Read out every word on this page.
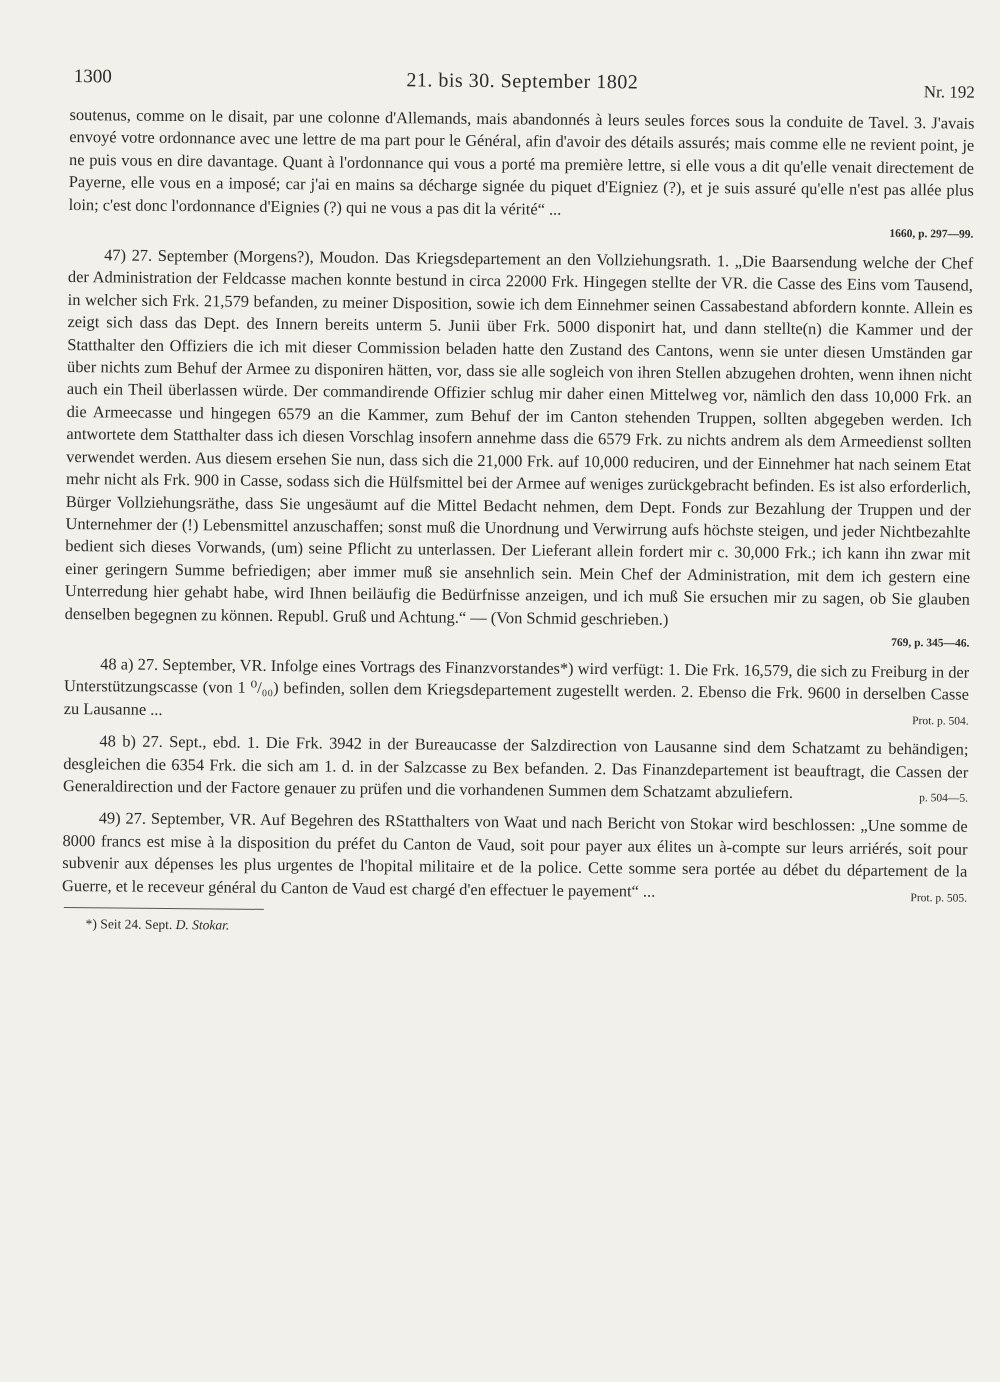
1300	21. bis 30. September 1802	Nr. 192

soutenus, comme on le disait, par une colonne d'Allemands, mais abandonnés à leurs seules forces sous la conduite de Tavel. 3. J'avais envoyé votre ordonnance avec une lettre de ma part pour le Général, afin d'avoir des détails assurés; mais comme elle ne revient point, je ne puis vous en dire davantage. Quant à l'ordonnance qui vous a porté ma première lettre, si elle vous a dit qu'elle venait directement de Payerne, elle vous en a imposé; car j'ai en mains sa décharge signée du piquet d'Eigniez (?), et je suis assuré qu'elle n'est pas allée plus loin; c'est donc l'ordonnance d'Eignies (?) qui ne vous a pas dit la vérité“ ...

1660, p. 297—99.

47) 27. September (Morgens?), Moudon. Das Kriegsdepartement an den Vollziehungsrath. 1. „Die Baarsendung welche der Chef der Administration der Feldcasse machen konnte bestund in circa 22000 Frk. Hingegen stellte der VR. die Casse des Eins vom Tausend, in welcher sich Frk. 21,579 befanden, zu meiner Disposition, sowie ich dem Einnehmer seinen Cassabestand abfordern konnte. Allein es zeigt sich dass das Dept. des Innern bereits unterm 5. Junii über Frk. 5000 disponirt hat, und dann stellte(n) die Kammer und der Statthalter den Offiziers die ich mit dieser Commission beladen hatte den Zustand des Cantons, wenn sie unter diesen Umständen gar über nichts zum Behuf der Armee zu disponiren hätten, vor, dass sie alle sogleich von ihren Stellen abzugehen drohten, wenn ihnen nicht auch ein Theil überlassen würde. Der commandirende Offizier schlug mir daher einen Mittelweg vor, nämlich den dass 10,000 Frk. an die Armeecasse und hingegen 6579 an die Kammer, zum Behuf der im Canton stehenden Truppen, sollten abgegeben werden. Ich antwortete dem Statthalter dass ich diesen Vorschlag insofern annehme dass die 6579 Frk. zu nichts andrem als dem Armeedienst sollten verwendet werden. Aus diesem ersehen Sie nun, dass sich die 21,000 Frk. auf 10,000 reduciren, und der Einnehmer hat nach seinem Etat mehr nicht als Frk. 900 in Casse, sodass sich die Hülfsmittel bei der Armee auf weniges zurückgebracht befinden. Es ist also erforderlich, Bürger Vollziehungsräthe, dass Sie ungesäumt auf die Mittel Bedacht nehmen, dem Dept. Fonds zur Bezahlung der Truppen und der Unternehmer der (!) Lebensmittel anzuschaffen; sonst muß die Unordnung und Verwirrung aufs höchste steigen, und jeder Nichtbezahlte bedient sich dieses Vorwands, (um) seine Pflicht zu unterlassen. Der Lieferant allein fordert mir c. 30,000 Frk.; ich kann ihn zwar mit einer geringern Summe befriedigen; aber immer muß sie ansehnlich sein. Mein Chef der Administration, mit dem ich gestern eine Unterredung hier gehabt habe, wird Ihnen beiläufig die Bedürfnisse anzeigen, und ich muß Sie ersuchen mir zu sagen, ob Sie glauben denselben begegnen zu können. Republ. Gruß und Achtung.“ — (Von Schmid geschrieben.)

769, p. 345—46.

48 a) 27. September, VR. Infolge eines Vortrags des Finanzvorstandes*) wird verfügt: 1. Die Frk. 16,579, die sich zu Freiburg in der Unterstützungscasse (von 1 ⁰/₀₀) befinden, sollen dem Kriegsdepartement zugestellt werden. 2. Ebenso die Frk. 9600 in derselben Casse zu Lausanne ...
Prot. p. 504.

48 b) 27. Sept., ebd. 1. Die Frk. 3942 in der Bureaucasse der Salzdirection von Lausanne sind dem Schatzamt zu behändigen; desgleichen die 6354 Frk. die sich am 1. d. in der Salzcasse zu Bex befanden. 2. Das Finanzdepartement ist beauftragt, die Cassen der Generaldirection und der Factore genauer zu prüfen und die vorhandenen Summen dem Schatzamt abzuliefern.	p. 504—5.

49) 27. September, VR. Auf Begehren des RStatthalters von Waat und nach Bericht von Stokar wird beschlossen: „Une somme de 8000 francs est mise à la disposition du préfet du Canton de Vaud, soit pour payer aux élites un à-compte sur leurs arriérés, soit pour subvenir aux dépenses les plus urgentes de l'hopital militaire et de la police. Cette somme sera portée au débet du département de la Guerre, et le receveur général du Canton de Vaud est chargé d'en effectuer le payement“ ...	Prot. p. 505.

*) Seit 24. Sept. D. Stokar.
